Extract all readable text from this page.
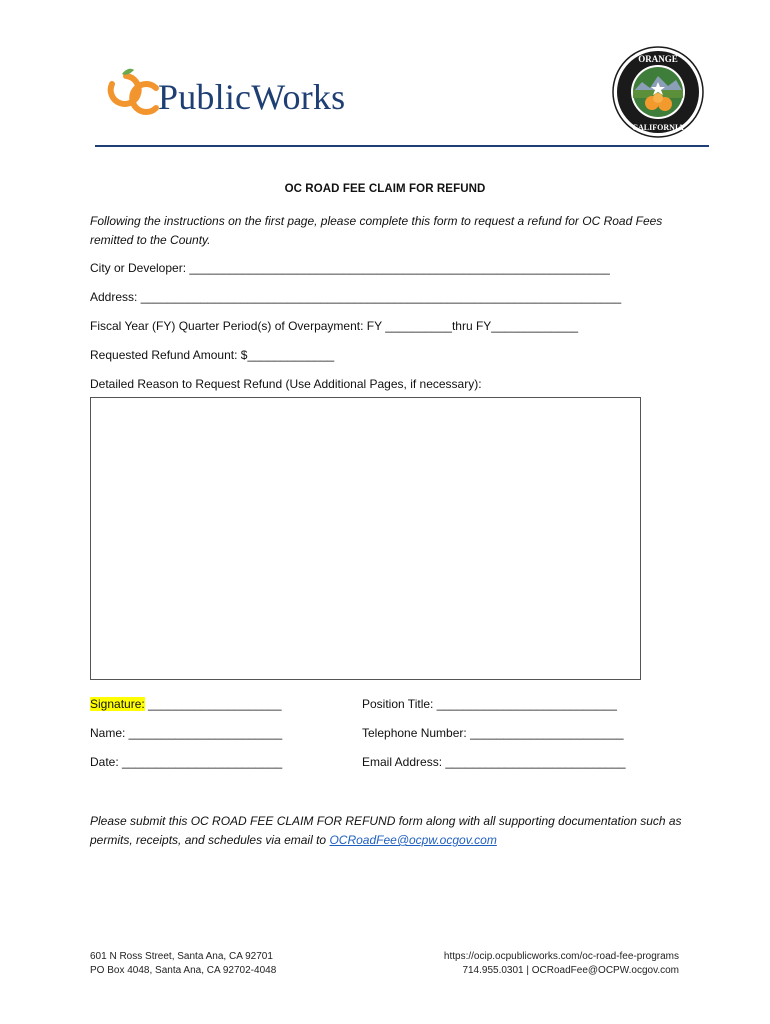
PublicWorks
ORANGE
CALIFORNIA
OC ROAD FEE CLAIM FOR REFUND
Following the instructions on the first page, please complete this form to request a refund for OC Road Fees remitted to the County.
City or Developer: _______________________________________________________________
Address: ________________________________________________________________________
Fiscal Year (FY) Quarter Period(s) of Overpayment: FY __________thru FY_____________
Requested Refund Amount: $_____________
Detailed Reason to Request Refund (Use Additional Pages, if necessary):
Signature: ____________________	Position Title: ___________________________
Name: _______________________	Telephone Number: _______________________
Date: ________________________	Email Address: ___________________________
Please submit this OC ROAD FEE CLAIM FOR REFUND form along with all supporting documentation such as permits, receipts, and schedules via email to OCRoadFee@ocpw.ocgov.com
601 N Ross Street, Santa Ana, CA 92701
PO Box 4048, Santa Ana, CA 92702-4048
https://ocip.ocpublicworks.com/oc-road-fee-programs
714.955.0301 | OCRoadFee@OCPW.ocgov.com
